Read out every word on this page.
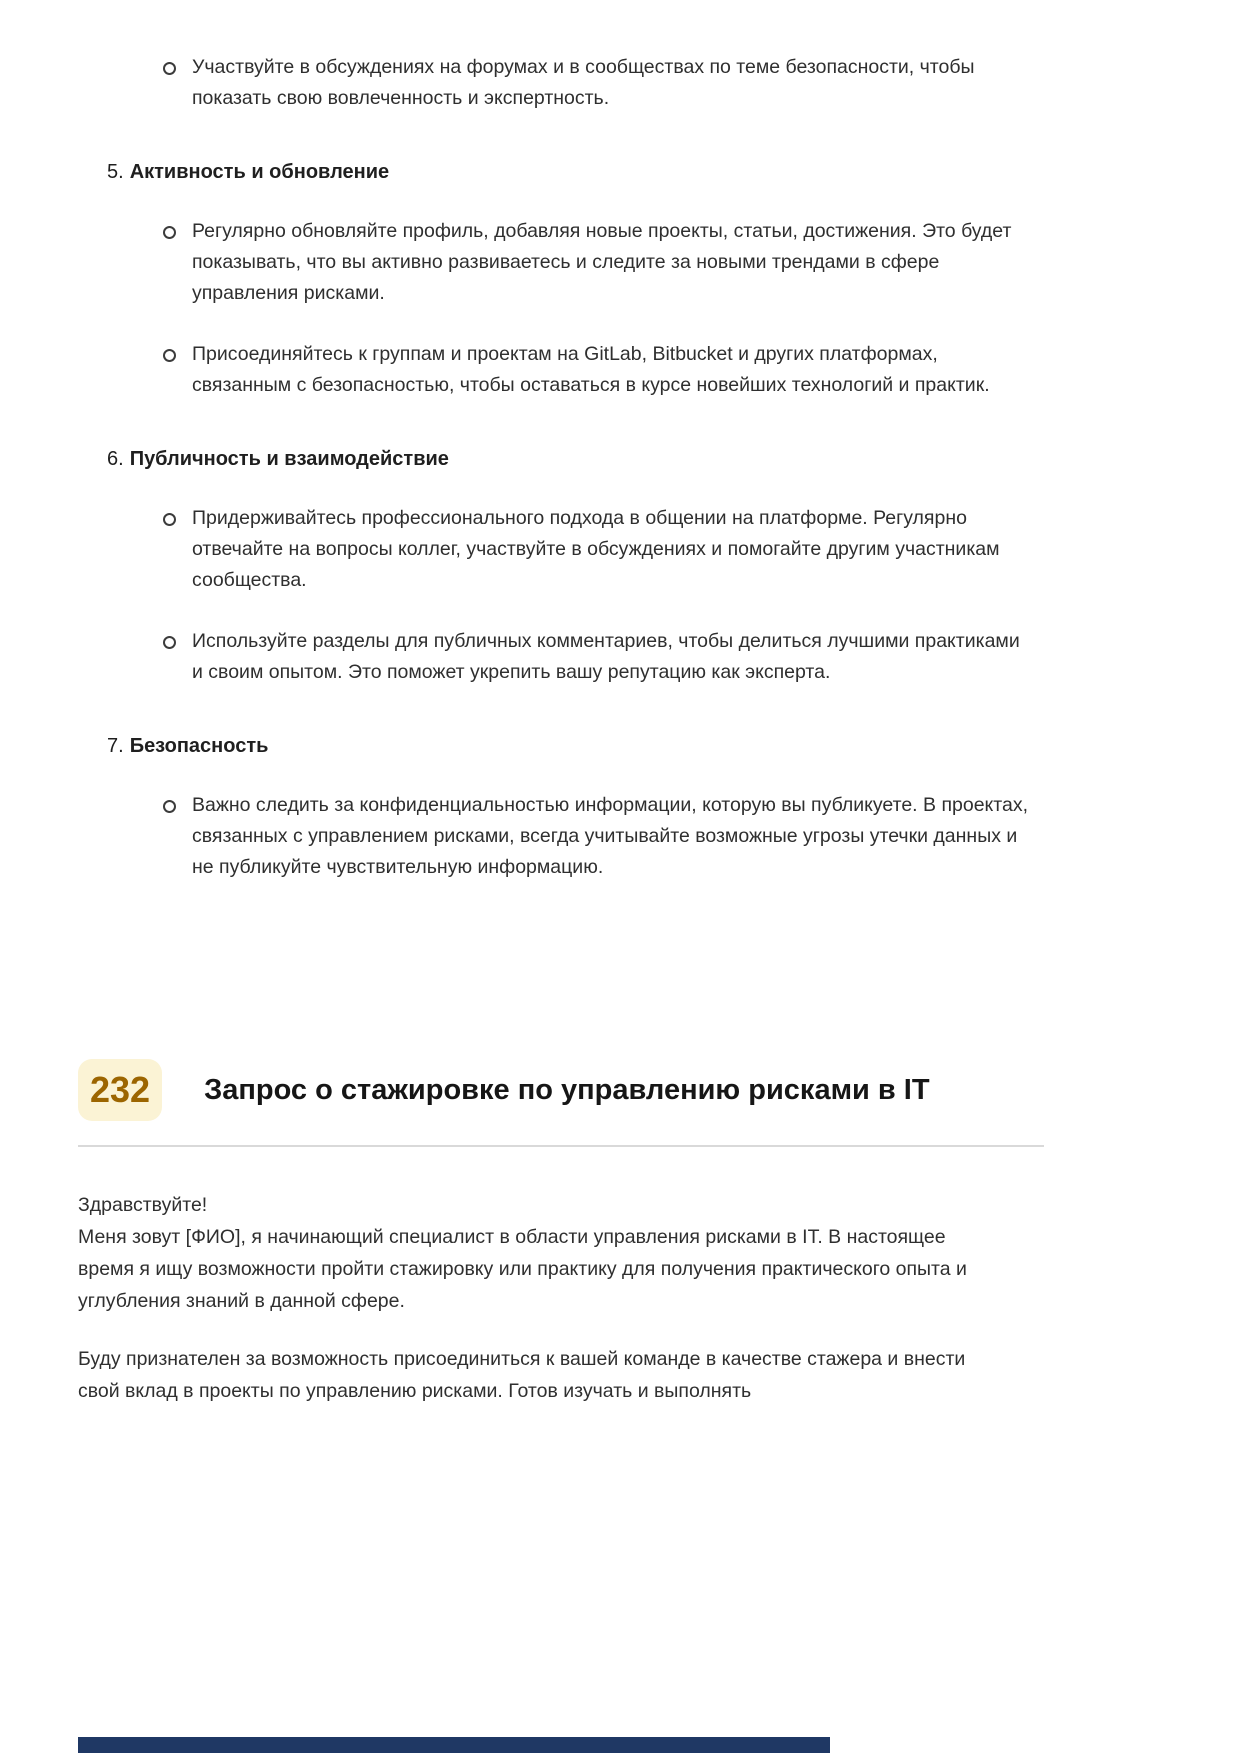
Участвуйте в обсуждениях на форумах и в сообществах по теме безопасности, чтобы показать свою вовлеченность и экспертность.
5. Активность и обновление
Регулярно обновляйте профиль, добавляя новые проекты, статьи, достижения. Это будет показывать, что вы активно развиваетесь и следите за новыми трендами в сфере управления рисками.
Присоединяйтесь к группам и проектам на GitLab, Bitbucket и других платформах, связанным с безопасностью, чтобы оставаться в курсе новейших технологий и практик.
6. Публичность и взаимодействие
Придерживайтесь профессионального подхода в общении на платформе. Регулярно отвечайте на вопросы коллег, участвуйте в обсуждениях и помогайте другим участникам сообщества.
Используйте разделы для публичных комментариев, чтобы делиться лучшими практиками и своим опытом. Это поможет укрепить вашу репутацию как эксперта.
7. Безопасность
Важно следить за конфиденциальностью информации, которую вы публикуете. В проектах, связанных с управлением рисками, всегда учитывайте возможные угрозы утечки данных и не публикуйте чувствительную информацию.
232	Запрос о стажировке по управлению рисками в IT
Здравствуйте!
Меня зовут [ФИО], я начинающий специалист в области управления рисками в IT. В настоящее время я ищу возможности пройти стажировку или практику для получения практического опыта и углубления знаний в данной сфере.
Буду признателен за возможность присоединиться к вашей команде в качестве стажера и внести свой вклад в проекты по управлению рисками. Готов изучать и выполнять
